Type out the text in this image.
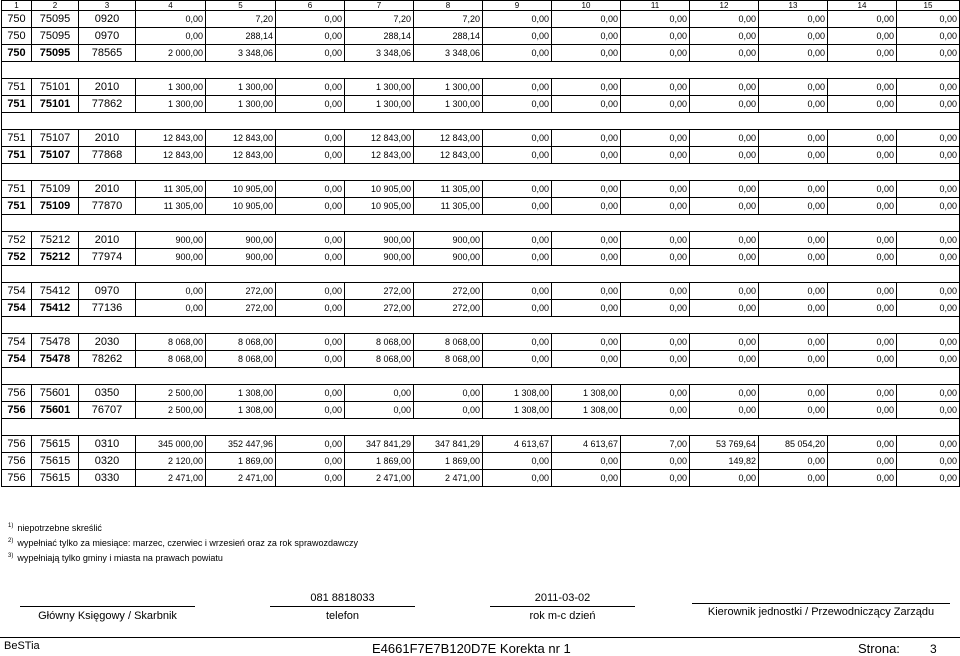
1	2	3	4	5	6	7	8	9	10	11	12	13	14	15
750	75095	0920	0,00	7,20	0,00	7,20	7,20	0,00	0,00	0,00	0,00	0,00	0,00	0,00
750	75095	0970	0,00	288,14	0,00	288,14	288,14	0,00	0,00	0,00	0,00	0,00	0,00	0,00
750	75095	78565	2 000,00	3 348,06	0,00	3 348,06	3 348,06	0,00	0,00	0,00	0,00	0,00	0,00	0,00

751	75101	2010	1 300,00	1 300,00	0,00	1 300,00	1 300,00	0,00	0,00	0,00	0,00	0,00	0,00	0,00
751	75101	77862	1 300,00	1 300,00	0,00	1 300,00	1 300,00	0,00	0,00	0,00	0,00	0,00	0,00	0,00

751	75107	2010	12 843,00	12 843,00	0,00	12 843,00	12 843,00	0,00	0,00	0,00	0,00	0,00	0,00	0,00
751	75107	77868	12 843,00	12 843,00	0,00	12 843,00	12 843,00	0,00	0,00	0,00	0,00	0,00	0,00	0,00

751	75109	2010	11 305,00	10 905,00	0,00	10 905,00	11 305,00	0,00	0,00	0,00	0,00	0,00	0,00	0,00
751	75109	77870	11 305,00	10 905,00	0,00	10 905,00	11 305,00	0,00	0,00	0,00	0,00	0,00	0,00	0,00

752	75212	2010	900,00	900,00	0,00	900,00	900,00	0,00	0,00	0,00	0,00	0,00	0,00	0,00
752	75212	77974	900,00	900,00	0,00	900,00	900,00	0,00	0,00	0,00	0,00	0,00	0,00	0,00

754	75412	0970	0,00	272,00	0,00	272,00	272,00	0,00	0,00	0,00	0,00	0,00	0,00	0,00
754	75412	77136	0,00	272,00	0,00	272,00	272,00	0,00	0,00	0,00	0,00	0,00	0,00	0,00

754	75478	2030	8 068,00	8 068,00	0,00	8 068,00	8 068,00	0,00	0,00	0,00	0,00	0,00	0,00	0,00
754	75478	78262	8 068,00	8 068,00	0,00	8 068,00	8 068,00	0,00	0,00	0,00	0,00	0,00	0,00	0,00

756	75601	0350	2 500,00	1 308,00	0,00	0,00	0,00	1 308,00	1 308,00	0,00	0,00	0,00	0,00	0,00
756	75601	76707	2 500,00	1 308,00	0,00	0,00	0,00	1 308,00	1 308,00	0,00	0,00	0,00	0,00	0,00

756	75615	0310	345 000,00	352 447,96	0,00	347 841,29	347 841,29	4 613,67	4 613,67	7,00	53 769,64	85 054,20	0,00	0,00
756	75615	0320	2 120,00	1 869,00	0,00	1 869,00	1 869,00	0,00	0,00	0,00	149,82	0,00	0,00	0,00
756	75615	0330	2 471,00	2 471,00	0,00	2 471,00	2 471,00	0,00	0,00	0,00	0,00	0,00	0,00	0,00
$^{1)}$ niepotrzebne skreślić
$^{2)}$ wypełniać tylko za miesiące: marzec, czerwiec i wrzesień oraz za rok sprawozdawczy
$^{3)}$ wypełniają tylko gminy i miasta na prawach powiatu
Główny Księgowy / Skarbnik
081 8818033
telefon
2011-03-02
rok m-c dzień	Kierownik jednostki / Przewodniczący Zarządu
BeSTia	E4661F7E7B120D7E Korekta nr 1	Strona:	3
